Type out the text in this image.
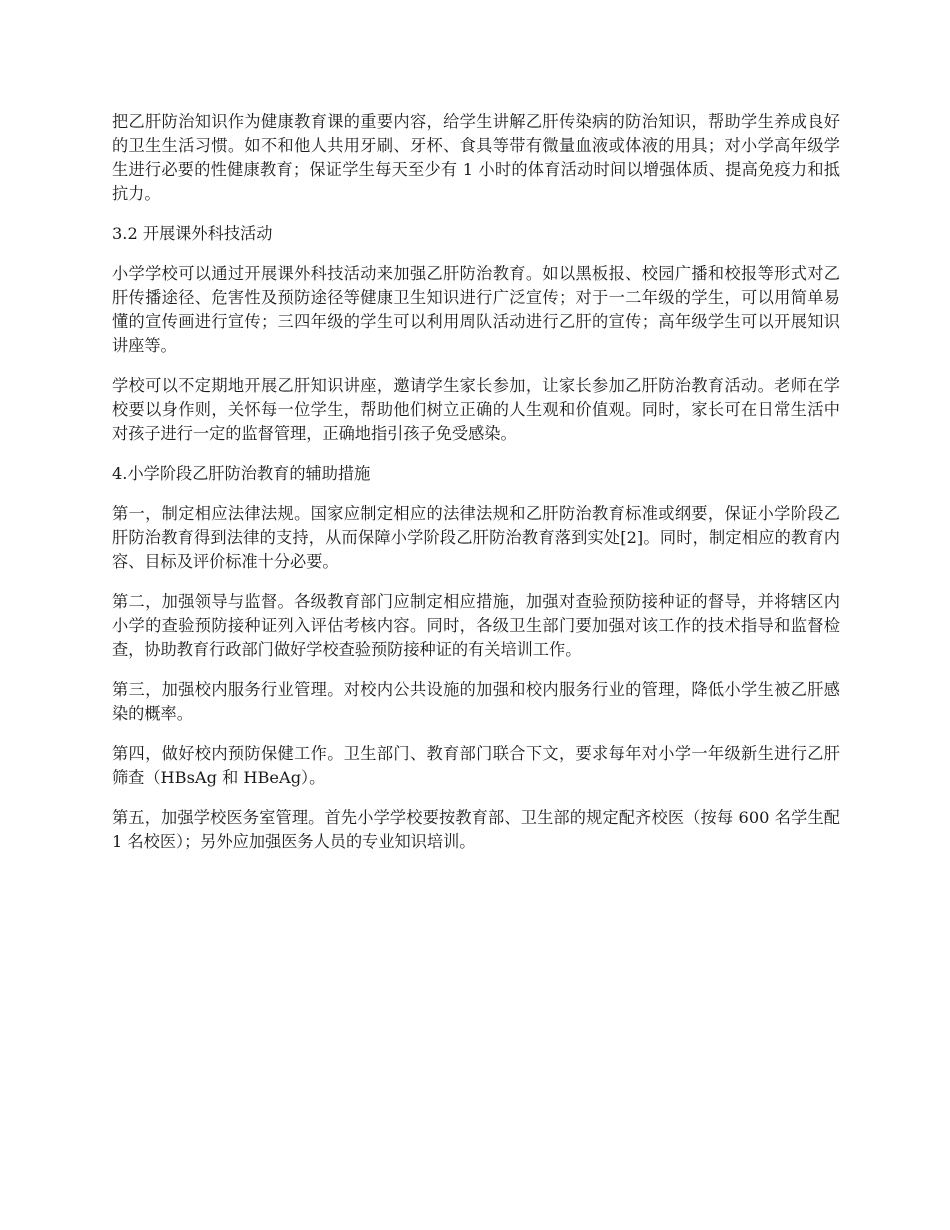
把乙肝防治知识作为健康教育课的重要内容，给学生讲解乙肝传染病的防治知识，帮助学生养成良好的卫生生活习惯。如不和他人共用牙刷、牙杯、食具等带有微量血液或体液的用具；对小学高年级学生进行必要的性健康教育；保证学生每天至少有 1 小时的体育活动时间以增强体质、提高免疫力和抵抗力。

3.2 开展课外科技活动

小学学校可以通过开展课外科技活动来加强乙肝防治教育。如以黑板报、校园广播和校报等形式对乙肝传播途径、危害性及预防途径等健康卫生知识进行广泛宣传；对于一二年级的学生，可以用简单易懂的宣传画进行宣传；三四年级的学生可以利用周队活动进行乙肝的宣传；高年级学生可以开展知识讲座等。

学校可以不定期地开展乙肝知识讲座，邀请学生家长参加，让家长参加乙肝防治教育活动。老师在学校要以身作则，关怀每一位学生，帮助他们树立正确的人生观和价值观。同时，家长可在日常生活中对孩子进行一定的监督管理，正确地指引孩子免受感染。

4.小学阶段乙肝防治教育的辅助措施

第一，制定相应法律法规。国家应制定相应的法律法规和乙肝防治教育标准或纲要，保证小学阶段乙肝防治教育得到法律的支持，从而保障小学阶段乙肝防治教育落到实处[2]。同时，制定相应的教育内容、目标及评价标准十分必要。

第二，加强领导与监督。各级教育部门应制定相应措施，加强对查验预防接种证的督导，并将辖区内小学的查验预防接种证列入评估考核内容。同时，各级卫生部门要加强对该工作的技术指导和监督检查，协助教育行政部门做好学校查验预防接种证的有关培训工作。

第三，加强校内服务行业管理。对校内公共设施的加强和校内服务行业的管理，降低小学生被乙肝感染的概率。

第四，做好校内预防保健工作。卫生部门、教育部门联合下文，要求每年对小学一年级新生进行乙肝筛查（HBsAg 和 HBeAg）。

第五，加强学校医务室管理。首先小学学校要按教育部、卫生部的规定配齐校医（按每 600 名学生配 1 名校医）；另外应加强医务人员的专业知识培训。
